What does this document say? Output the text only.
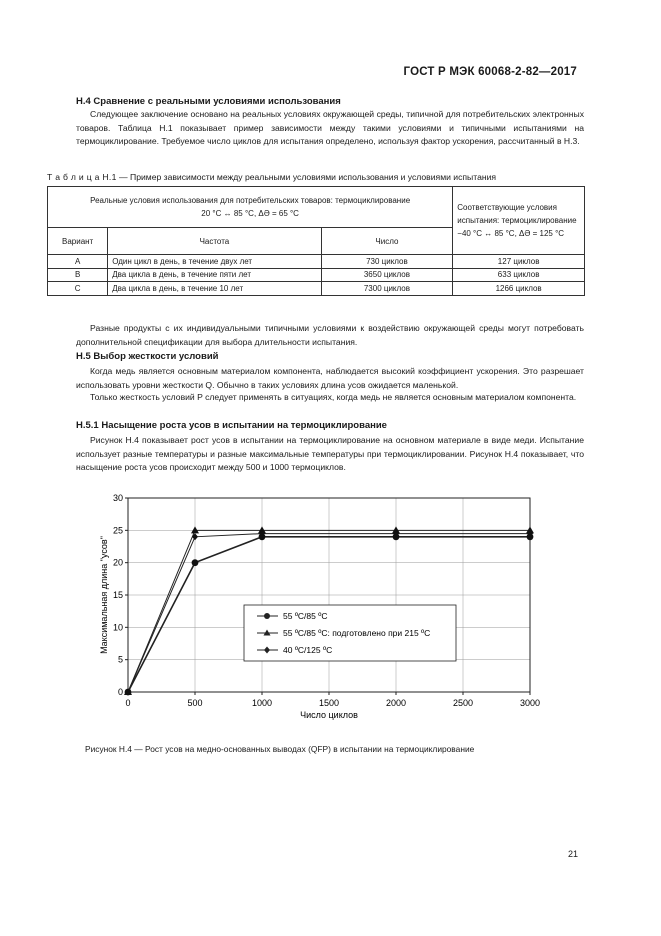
ГОСТ Р МЭК 60068-2-82—2017
H.4 Сравнение с реальными условиями использования
Следующее заключение основано на реальных условиях окружающей среды, типичной для потребительских электронных товаров. Таблица H.1 показывает пример зависимости между такими условиями и типичными испытаниями на термоциклирование. Требуемое число циклов для испытания определено, используя фактор ускорения, рассчитанный в H.3.
Т а б л и ц а H.1 — Пример зависимости между реальными условиями использования и условиями испытания
Реальные условия использования для потребительских товаров: термоциклирование
20 °С ↔ 85 °С, ΔӘ = 65 °С			Соответствующие условия испытания: термоциклирование −40 °С ↔ 85 °С, ΔӘ = 125 °С
Вариант	Частота	Число	
A	Один цикл в день, в течение двух лет	730 циклов	127 циклов
B	Два цикла в день, в течение пяти лет	3650 циклов	633 циклов
C	Два цикла в день, в течение 10 лет	7300 циклов	1266 циклов
Разные продукты с их индивидуальными типичными условиями к воздействию окружающей среды могут потребовать дополнительной спецификации для выбора длительности испытания.
H.5 Выбор жесткости условий
Когда медь является основным материалом компонента, наблюдается высокий коэффициент ускорения. Это разрешает использовать уровни жесткости Q. Обычно в таких условиях длина усов ожидается маленькой.
Только жесткость условий P следует применять в ситуациях, когда медь не является основным материалом компонента.
H.5.1 Насыщение роста усов в испытании на термоциклирование
Рисунок H.4 показывает рост усов в испытании на термоциклирование на основном материале в виде меди. Испытание использует разные температуры и разные максимальные температуры при термоциклировании. Рисунок H.4 показывает, что насыщение роста усов происходит между 500 и 1000 термоциклов.
0
5
10
15
20
25
30
0	500	1000	1500	2000	2500	3000
Число циклов
Максимальная длина "усов"	55 ºC/85 ºC
55 ºC/85 ºC: подготовлено при 215 ºC
40 ºC/125 ºC
Рисунок H.4 — Рост усов на медно-основанных выводах (QFP) в испытании на термоциклирование
21
